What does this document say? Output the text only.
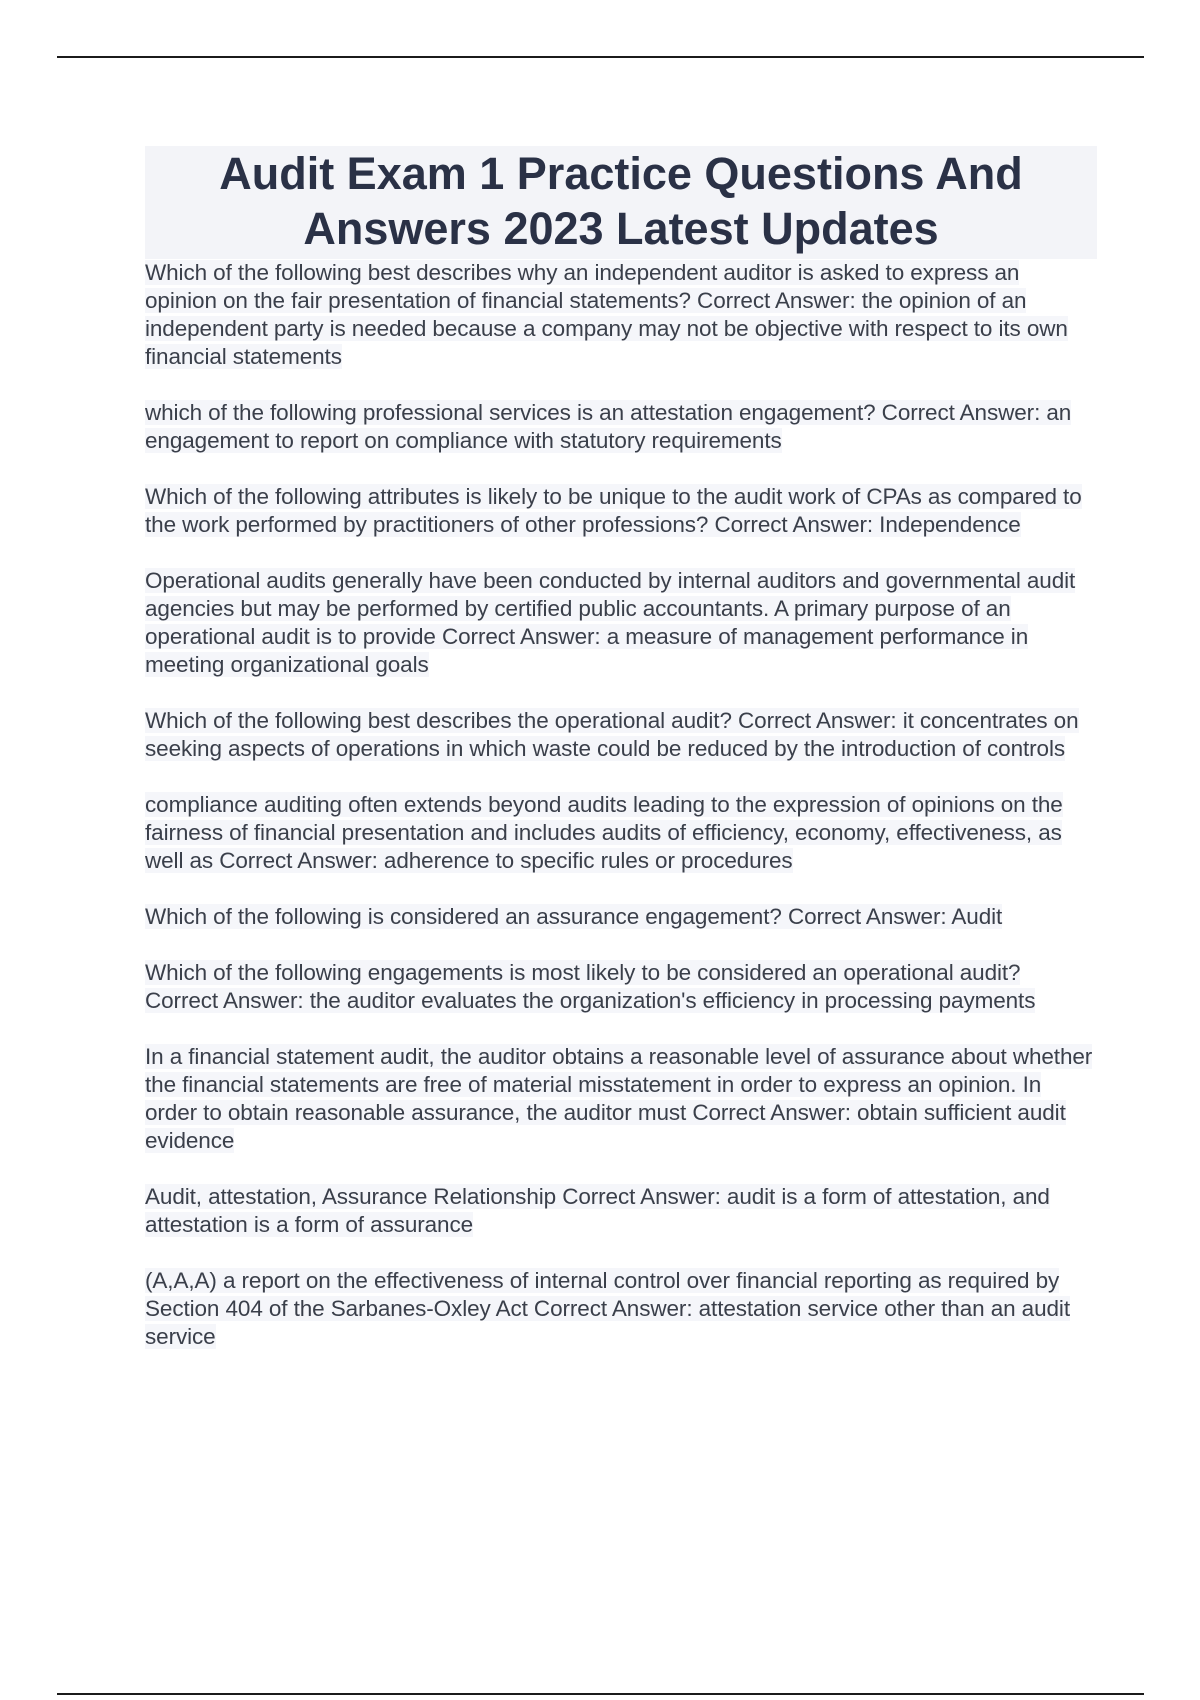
Audit Exam 1 Practice Questions And Answers 2023 Latest Updates
Which of the following best describes why an independent auditor is asked to express an opinion on the fair presentation of financial statements? Correct Answer: the opinion of an independent party is needed because a company may not be objective with respect to its own financial statements
which of the following professional services is an attestation engagement? Correct Answer: an engagement to report on compliance with statutory requirements
Which of the following attributes is likely to be unique to the audit work of CPAs as compared to the work performed by practitioners of other professions? Correct Answer: Independence
Operational audits generally have been conducted by internal auditors and governmental audit agencies but may be performed by certified public accountants. A primary purpose of an operational audit is to provide Correct Answer: a measure of management performance in meeting organizational goals
Which of the following best describes the operational audit? Correct Answer: it concentrates on seeking aspects of operations in which waste could be reduced by the introduction of controls
compliance auditing often extends beyond audits leading to the expression of opinions on the fairness of financial presentation and includes audits of efficiency, economy, effectiveness, as well as Correct Answer: adherence to specific rules or procedures
Which of the following is considered an assurance engagement? Correct Answer: Audit
Which of the following engagements is most likely to be considered an operational audit? Correct Answer: the auditor evaluates the organization's efficiency in processing payments
In a financial statement audit, the auditor obtains a reasonable level of assurance about whether the financial statements are free of material misstatement in order to express an opinion. In order to obtain reasonable assurance, the auditor must Correct Answer: obtain sufficient audit evidence
Audit, attestation, Assurance Relationship Correct Answer: audit is a form of attestation, and attestation is a form of assurance
(A,A,A) a report on the effectiveness of internal control over financial reporting as required by Section 404 of the Sarbanes-Oxley Act Correct Answer: attestation service other than an audit service
